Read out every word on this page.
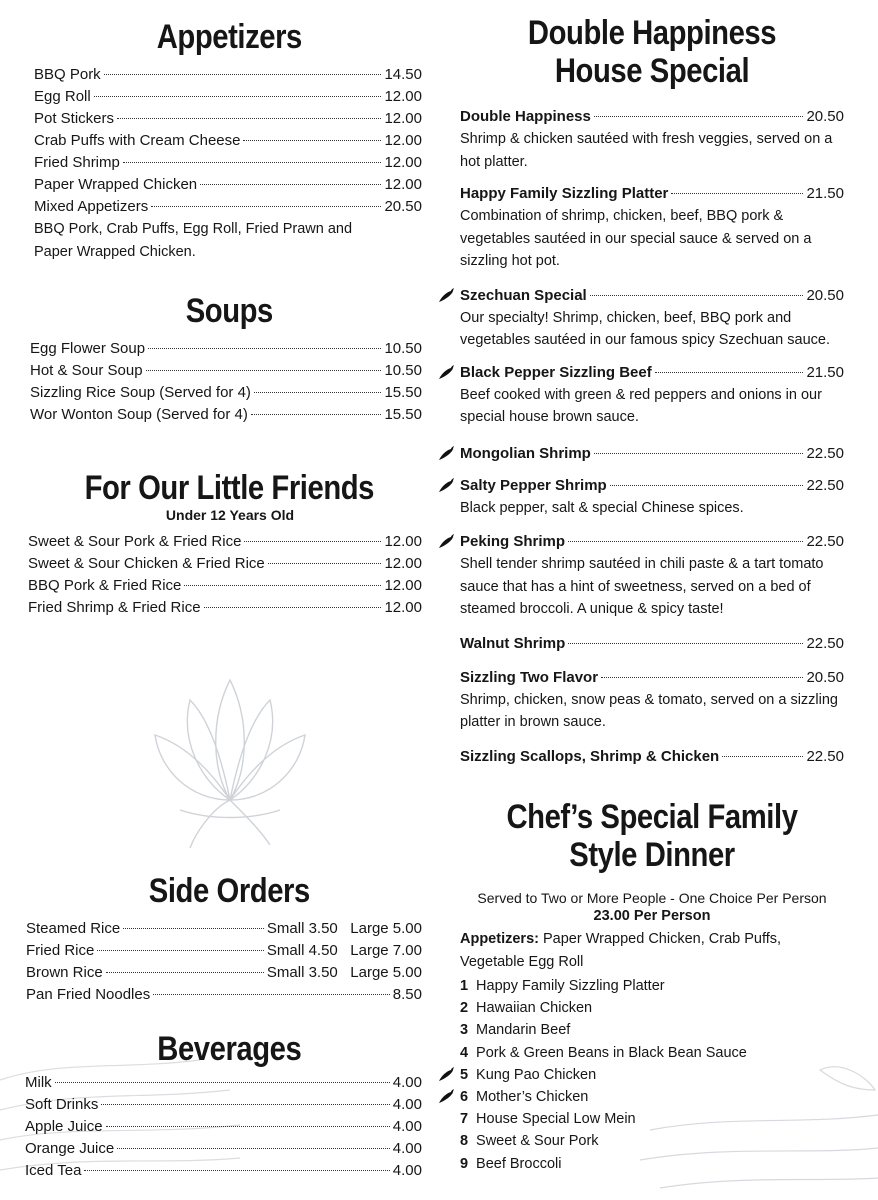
Appetizers
BBQ Pork	14.50
Egg Roll	12.00
Pot Stickers	12.00
Crab Puffs with Cream Cheese	12.00
Fried Shrimp	12.00
Paper Wrapped Chicken	12.00
Mixed Appetizers	20.50
BBQ Pork, Crab Puffs, Egg Roll, Fried Prawn and Paper Wrapped Chicken.
Soups
Egg Flower Soup	10.50
Hot & Sour Soup	10.50
Sizzling Rice Soup (Served for 4)	15.50
Wor Wonton Soup (Served for 4)	15.50
For Our Little Friends
Under 12 Years Old
Sweet & Sour Pork & Fried Rice	12.00
Sweet & Sour Chicken & Fried Rice	12.00
BBQ Pork & Fried Rice	12.00
Fried Shrimp & Fried Rice	12.00
Side Orders
Steamed Rice	Small 3.50   Large 5.00
Fried Rice	Small 4.50   Large 7.00
Brown Rice	Small 3.50   Large 5.00
Pan Fried Noodles	8.50
Beverages
Milk	4.00
Soft Drinks	4.00
Apple Juice	4.00
Orange Juice	4.00
Iced Tea	4.00
Double Happiness
House Special
Double Happiness	20.50
Shrimp & chicken sautéed with fresh veggies, served on a hot platter.
Happy Family Sizzling Platter	21.50
Combination of shrimp, chicken, beef, BBQ pork & vegetables sautéed in our special sauce & served on a sizzling hot pot.
Szechuan Special	20.50
Our specialty! Shrimp, chicken, beef, BBQ pork and vegetables sautéed in our famous spicy Szechuan sauce.
Black Pepper Sizzling Beef	21.50
Beef cooked with green & red peppers and onions in our special house brown sauce.
Mongolian Shrimp	22.50
Salty Pepper Shrimp	22.50
Black pepper, salt & special Chinese spices.
Peking Shrimp	22.50
Shell tender shrimp sautéed in chili paste & a tart tomato sauce that has a hint of sweetness, served on a bed of steamed broccoli. A unique & spicy taste!
Walnut Shrimp	22.50
Sizzling Two Flavor	20.50
Shrimp, chicken, snow peas & tomato, served on a sizzling platter in brown sauce.
Sizzling Scallops, Shrimp & Chicken	22.50
Chef’s Special Family
Style Dinner
Served to Two or More People - One Choice Per Person
23.00 Per Person
Appetizers: Paper Wrapped Chicken, Crab Puffs, Vegetable Egg Roll
1 Happy Family Sizzling Platter
2 Hawaiian Chicken
3 Mandarin Beef
4 Pork & Green Beans in Black Bean Sauce
5 Kung Pao Chicken
6 Mother’s Chicken
7 House Special Low Mein
8 Sweet & Sour Pork
9 Beef Broccoli
